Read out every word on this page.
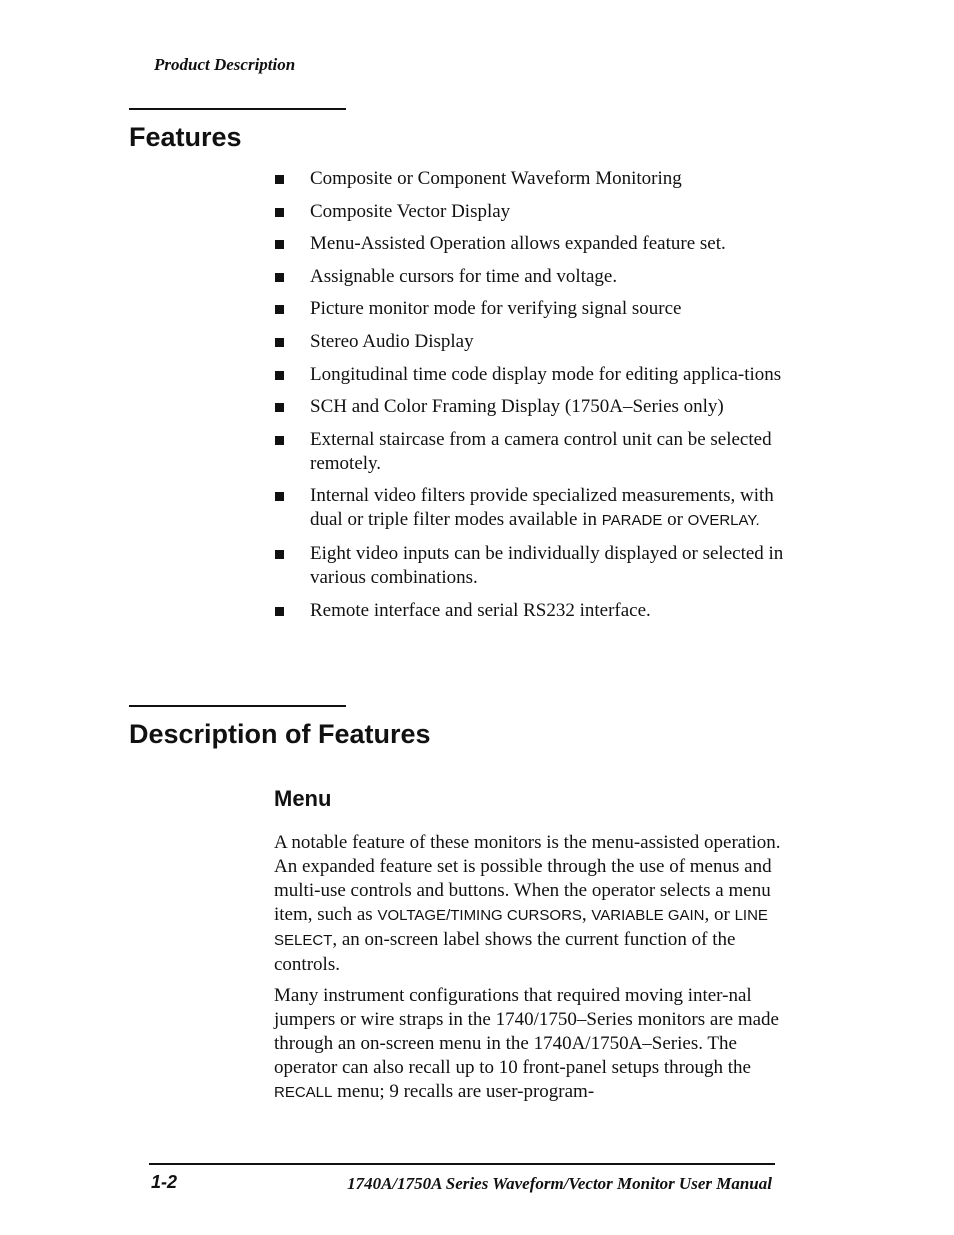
Product Description
Features
Composite or Component Waveform Monitoring
Composite Vector Display
Menu-Assisted Operation allows expanded feature set.
Assignable cursors for time and voltage.
Picture monitor mode for verifying signal source
Stereo Audio Display
Longitudinal time code display mode for editing applica-tions
SCH and Color Framing Display (1750A–Series only)
External staircase from a camera control unit can be selected remotely.
Internal video filters provide specialized measurements, with dual or triple filter modes available in PARADE or OVERLAY.
Eight video inputs can be individually displayed or selected in various combinations.
Remote interface and serial RS232 interface.
Description of Features
Menu

A notable feature of these monitors is the menu-assisted operation. An expanded feature set is possible through the use of menus and multi-use controls and buttons. When the operator selects a menu item, such as VOLTAGE/TIMING CURSORS, VARIABLE GAIN, or LINE SELECT, an on-screen label shows the current function of the controls.

Many instrument configurations that required moving inter-nal jumpers or wire straps in the 1740/1750–Series monitors are made through an on-screen menu in the 1740A/1750A–Series. The operator can also recall up to 10 front-panel setups through the RECALL menu; 9 recalls are user-program-

1-2	1740A/1750A Series Waveform/Vector Monitor User Manual
